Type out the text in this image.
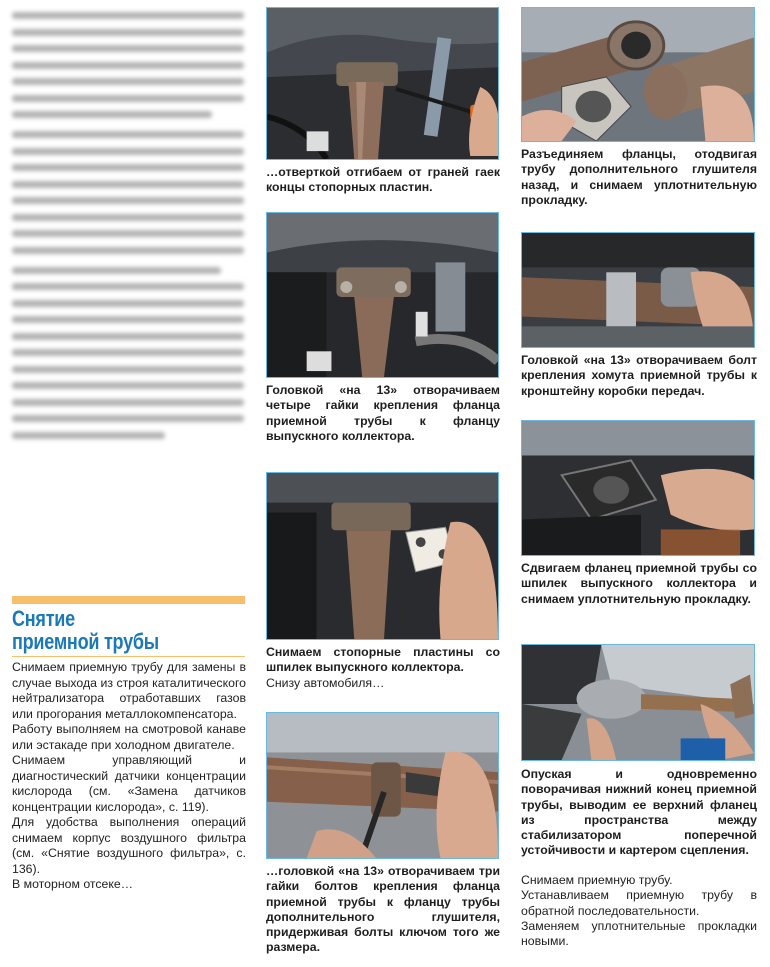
Снятие
приемной трубы

Снимаем приемную трубу для замены в случае выхода из строя каталитического нейтрализатора отработавших газов или прогорания металлокомпенсатора.

Работу выполняем на смотровой канаве или эстакаде при холодном двигателе.

Снимаем управляющий и диагностический датчики концентрации кислорода (см. «Замена датчиков концентрации кислорода», с. 119).

Для удобства выполнения операций снимаем корпус воздушного фильтра (см. «Снятие воздушного фильтра», с. 136).

В моторном отсеке…

…отверткой отгибаем от граней гаек концы стопорных пластин.

Головкой «на 13» отворачиваем четыре гайки крепления фланца приемной трубы к фланцу выпускного коллектора.

Снимаем стопорные пластины со шпилек выпускного коллектора.

Снизу автомобиля…

…головкой «на 13» отворачиваем три гайки болтов крепления фланца приемной трубы к фланцу трубы дополнительного глушителя, придерживая болты ключом того же размера.

Разъединяем фланцы, отодвигая трубу дополнительного глушителя назад, и снимаем уплотнительную прокладку.

Головкой «на 13» отворачиваем болт крепления хомута приемной трубы к кронштейну коробки передач.

Сдвигаем фланец приемной трубы со шпилек выпускного коллектора и снимаем уплотнительную прокладку.

Опуская и одновременно поворачивая нижний конец приемной трубы, выводим ее верхний фланец из пространства между стабилизатором поперечной устойчивости и картером сцепления.

Снимаем приемную трубу.

Устанавливаем приемную трубу в обратной последовательности.

Заменяем уплотнительные прокладки новыми.
